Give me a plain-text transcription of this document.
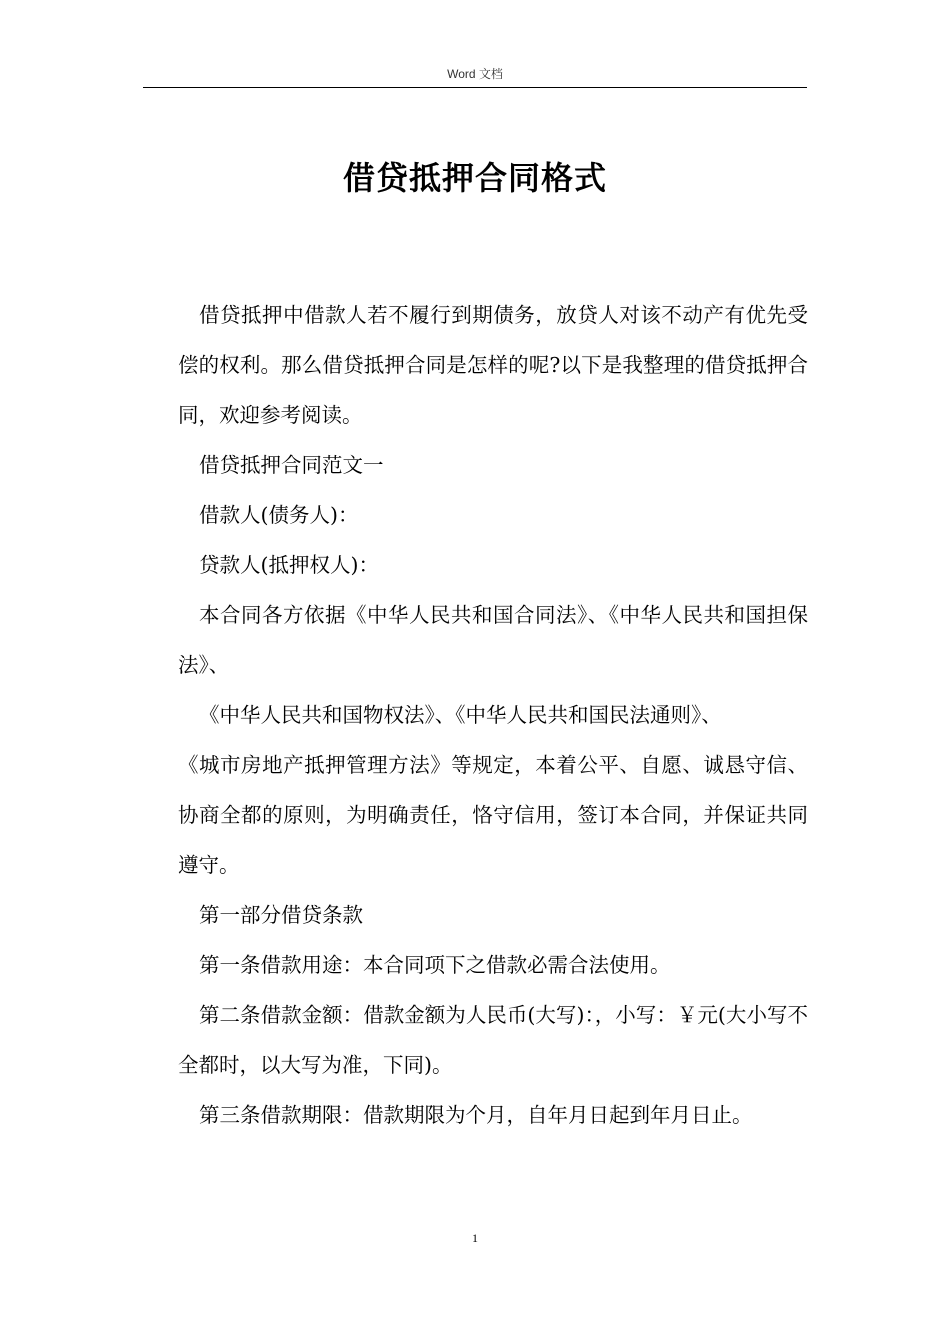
Word 文档
借贷抵押合同格式

借贷抵押中借款人若不履行到期债务，放贷人对该不动产有优先受偿的权利。那么借贷抵押合同是怎样的呢?以下是我整理的借贷抵押合同，欢迎参考阅读。

借贷抵押合同范文一

借款人(债务人)：

贷款人(抵押权人)：

本合同各方依据《中华人民共和国合同法》、《中华人民共和国担保法》、

《中华人民共和国物权法》、《中华人民共和国民法通则》、

《城市房地产抵押管理方法》等规定，本着公平、自愿、诚恳守信、协商全都的原则，为明确责任，恪守信用，签订本合同，并保证共同遵守。

第一部分借贷条款

第一条借款用途：本合同项下之借款必需合法使用。

第二条借款金额：借款金额为人民币(大写)：，小写：￥元(大小写不全都时，以大写为准，下同)。

第三条借款期限：借款期限为个月，自年月日起到年月日止。

1
